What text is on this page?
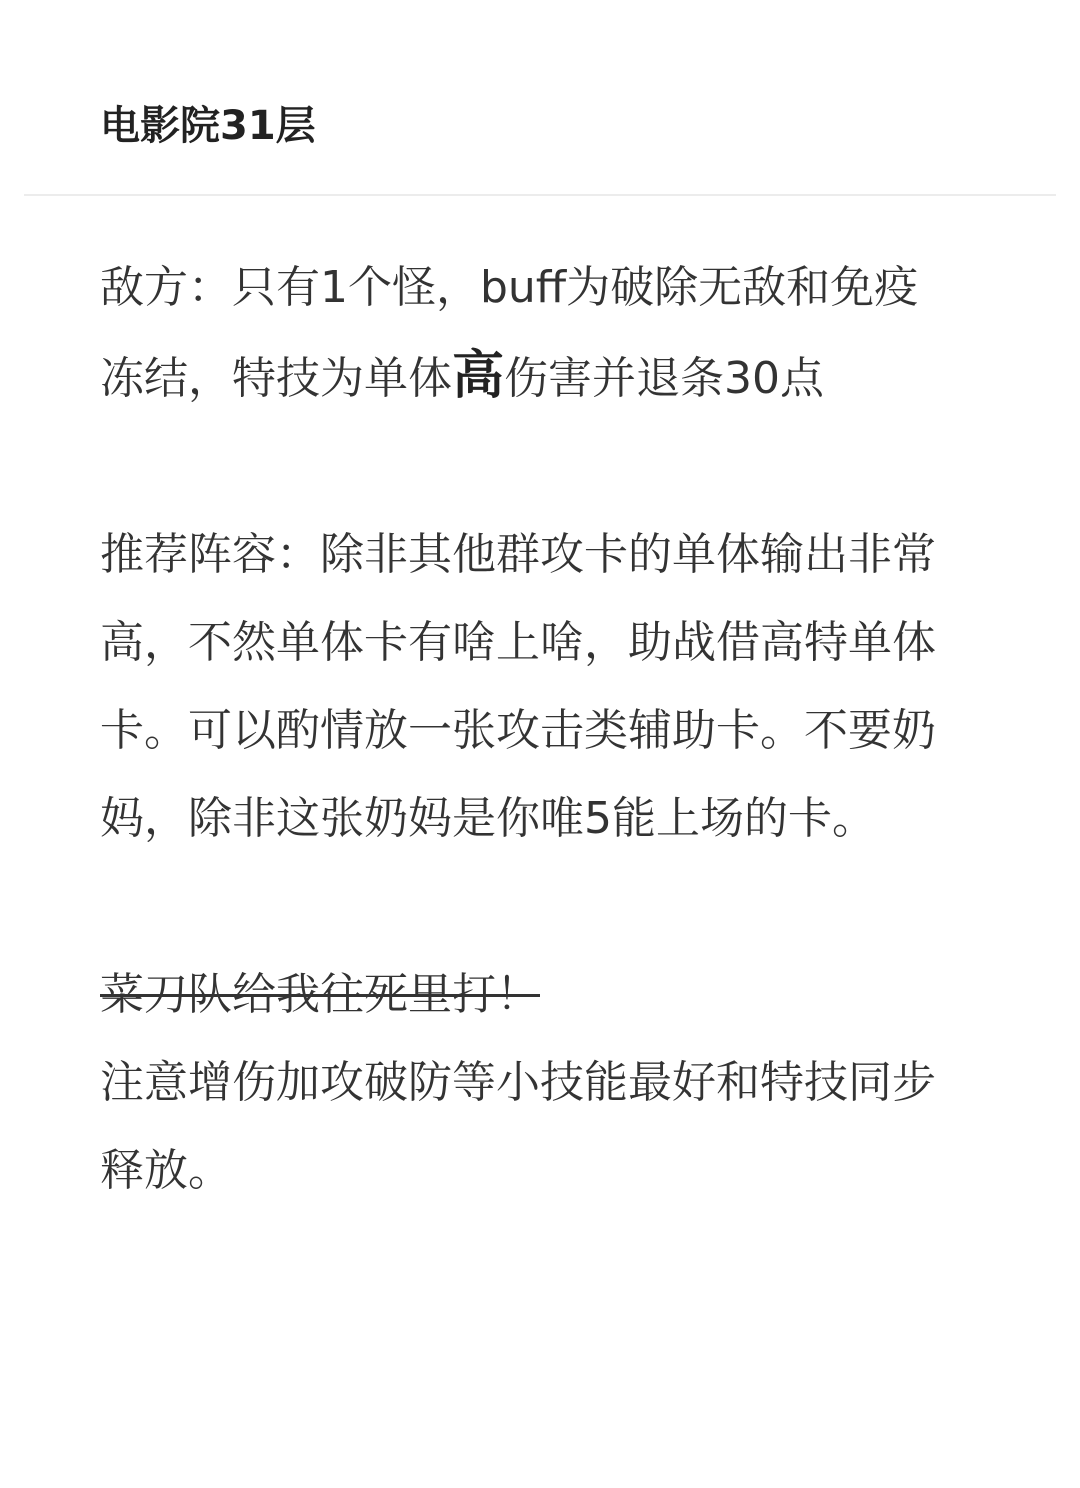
电影院31层

敌方：只有1个怪，buff为破除无敌和免疫冻结，特技为单体高伤害并退条30点

推荐阵容：除非其他群攻卡的单体输出非常高，不然单体卡有啥上啥，助战借高特单体卡。可以酌情放一张攻击类辅助卡。不要奶妈，除非这张奶妈是你唯5能上场的卡。

菜刀队给我往死里打！

注意增伤加攻破防等小技能最好和特技同步释放。
